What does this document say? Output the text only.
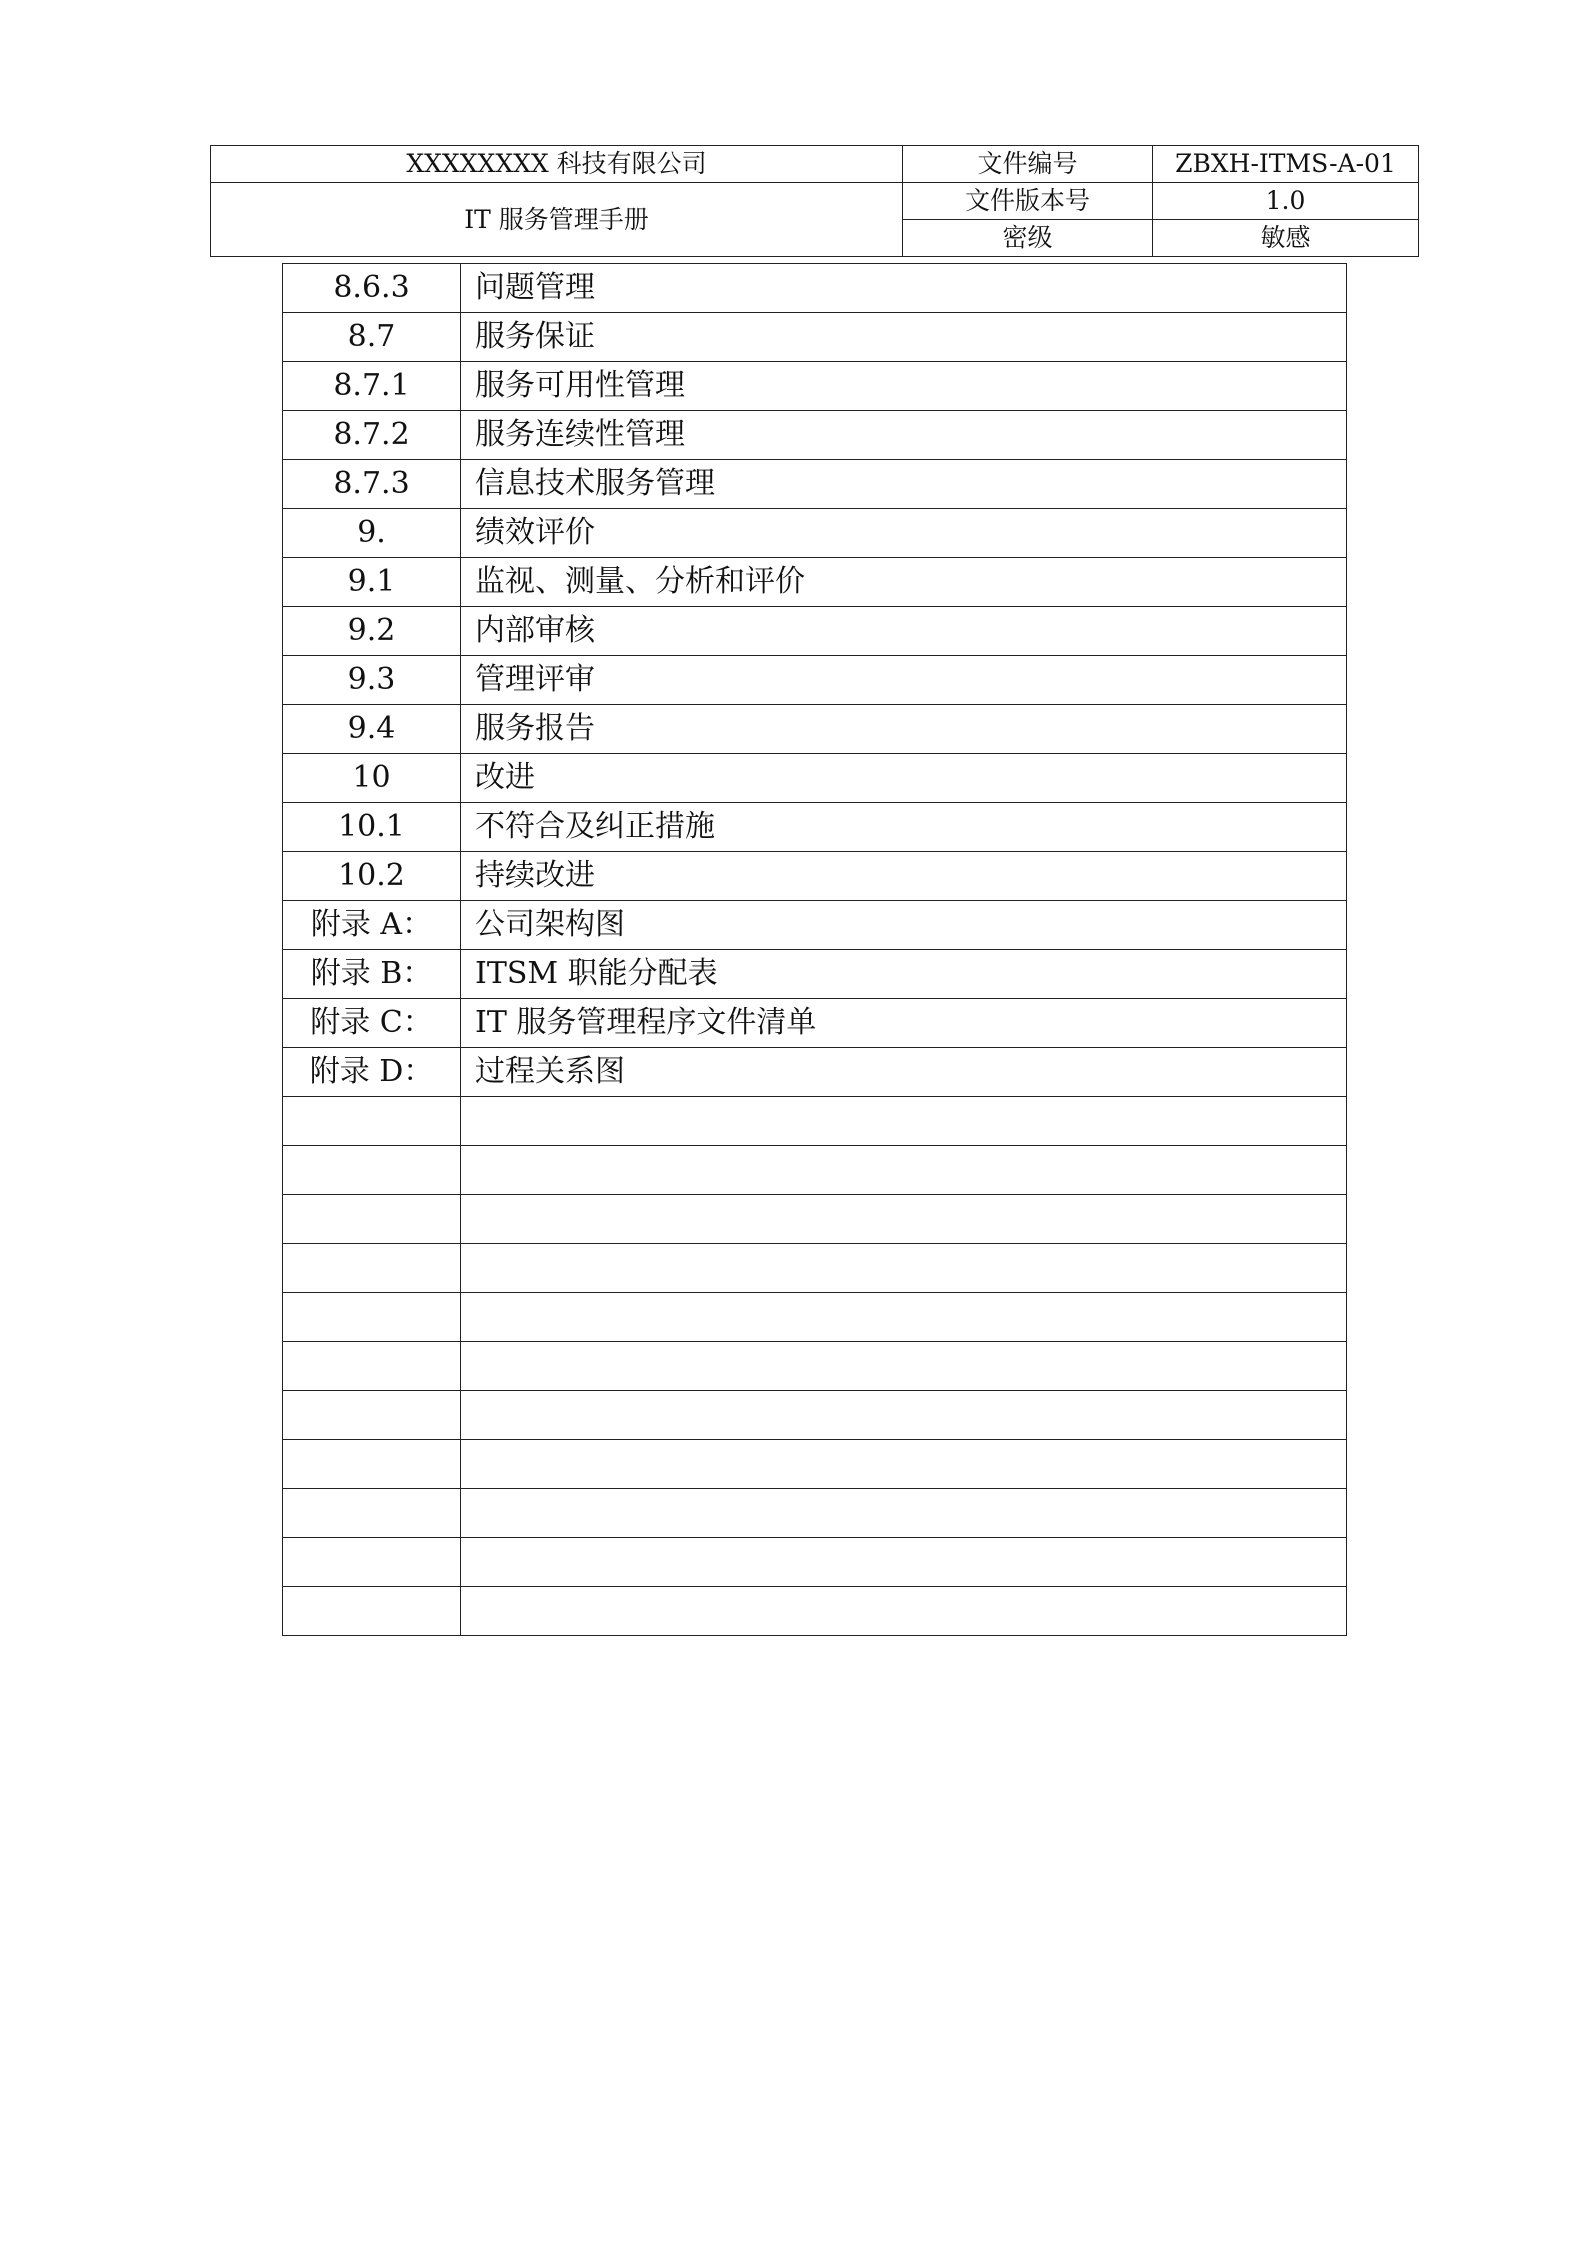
XXXXXXXX 科技有限公司	文件编号	ZBXH-ITMS-A-01
IT 服务管理手册	文件版本号	1.0
	密级	敏感
8.6.3	问题管理
8.7	服务保证
8.7.1	服务可用性管理
8.7.2	服务连续性管理
8.7.3	信息技术服务管理
9.	绩效评价
9.1	监视、测量、分析和评价
9.2	内部审核
9.3	管理评审
9.4	服务报告
10	改进
10.1	不符合及纠正措施
10.2	持续改进
附录 A：	公司架构图
附录 B：	ITSM 职能分配表
附录 C：	IT 服务管理程序文件清单
附录 D：	过程关系图
